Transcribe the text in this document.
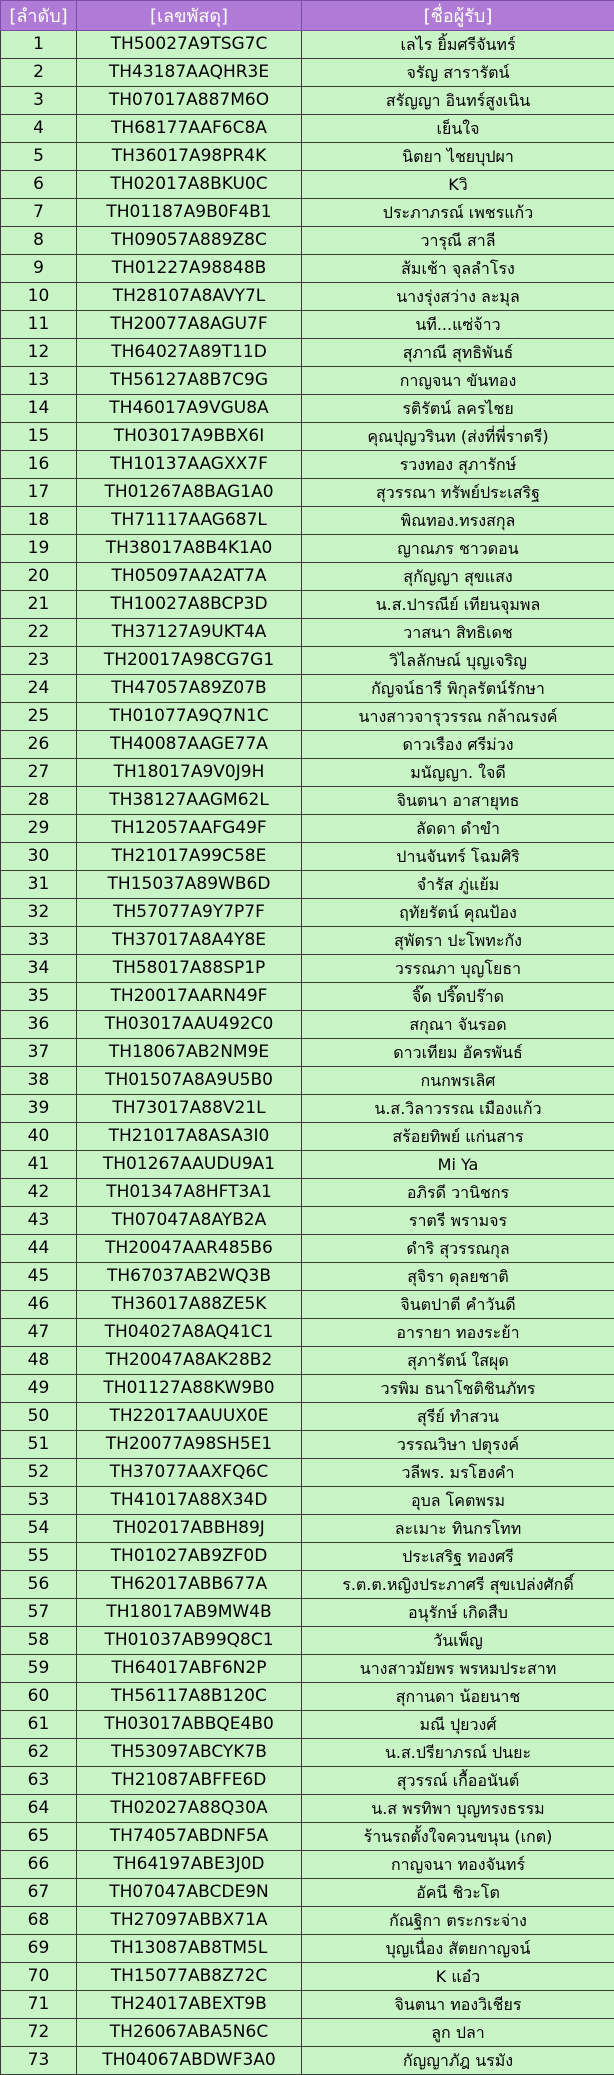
[ลำดับ]	[เลขพัสดุ]	[ชื่อผู้รับ]
1	TH50027A9TSG7C	เลไร ยิ้มศรีจันทร์
2	TH43187AAQHR3E	จรัญ สารารัตน์
3	TH07017A887M6O	สรัญญา อินทร์สูงเนิน
4	TH68177AAF6C8A	เย็นใจ
5	TH36017A98PR4K	นิตยา ไชยบุปผา
6	TH02017A8BKU0C	Kวิ
7	TH01187A9B0F4B1	ประภาภรณ์ เพชรแก้ว
8	TH09057A889Z8C	วารุณี สาลี
9	TH01227A98848B	ส้มเช้า จุลลำโรง
10	TH28107A8AVY7L	นางรุ่งสว่าง ละมุล
11	TH20077A8AGU7F	นที...แซ่จ้าว
12	TH64027A89T11D	สุภาณี สุทธิพันธ์
13	TH56127A8B7C9G	กาญจนา ขันทอง
14	TH46017A9VGU8A	รติรัตน์ ลครไชย
15	TH03017A9BBX6I	คุณปุญวรินท (ส่งที่พี่ราตรี)
16	TH10137AAGXX7F	รวงทอง สุภารักษ์
17	TH01267A8BAG1A0	สุวรรณา ทรัพย์ประเสริฐ
18	TH71117AAG687L	พิณทอง.ทรงสกุล
19	TH38017A8B4K1A0	ญาณภร ชาวดอน
20	TH05097AA2AT7A	สุกัญญา สุขแสง
21	TH10027A8BCP3D	น.ส.ปารณีย์ เทียนจุมพล
22	TH37127A9UKT4A	วาสนา สิทธิเดช
23	TH20017A98CG7G1	วิไลลักษณ์ บุญเจริญ
24	TH47057A89Z07B	กัญจน์ธารี พิกุลรัตน์รักษา
25	TH01077A9Q7N1C	นางสาวจารุวรรณ กล้าณรงค์
26	TH40087AAGE77A	ดาวเรือง ศรีม่วง
27	TH18017A9V0J9H	มนัญญา. ใจดี
28	TH38127AAGM62L	จินตนา อาสายุทธ
29	TH12057AAFG49F	ลัดดา ดำขำ
30	TH21017A99C58E	ปานจันทร์ โฉมศิริ
31	TH15037A89WB6D	จำรัส ภู่แย้ม
32	TH57077A9Y7P7F	ฤทัยรัตน์ คุณป้อง
33	TH37017A8A4Y8E	สุพัตรา ปะโพทะกัง
34	TH58017A88SP1P	วรรณภา บุญโยธา
35	TH20017AARN49F	จิ๊ด ปริ๊ดปร๊าด
36	TH03017AAU492C0	สกุณา จันรอด
37	TH18067AB2NM9E	ดาวเทียม อัครพันธ์
38	TH01507A8A9U5B0	กนกพรเลิศ
39	TH73017A88V21L	น.ส.วิลาวรรณ เมืองแก้ว
40	TH21017A8ASA3I0	สร้อยทิพย์ แก่นสาร
41	TH01267AAUDU9A1	Mi Ya
42	TH01347A8HFT3A1	อภิรดี วานิชกร
43	TH07047A8AYB2A	ราตรี พรามจร
44	TH20047AAR485B6	ดำริ สุวรรณกุล
45	TH67037AB2WQ3B	สุจิรา ดุลยชาติ
46	TH36017A88ZE5K	จินตปาตี คำวันดี
47	TH04027A8AQ41C1	อารายา ทองระย้า
48	TH20047A8AK28B2	สุภารัตน์ ใสผุด
49	TH01127A88KW9B0	วรพิม ธนาโชติชินภัทร
50	TH22017AAUUX0E	สุรีย์ ทำสวน
51	TH20077A98SH5E1	วรรณวิษา ปตุรงค์
52	TH37077AAXFQ6C	วลีพร. มรโฮงคำ
53	TH41017A88X34D	อุบล โคตพรม
54	TH02017ABBH89J	ละเมาะ ทินกรโทท
55	TH01027AB9ZF0D	ประเสริฐ ทองศรี
56	TH62017ABB677A	ร.ต.ต.หญิงประภาศรี สุขเปล่งศักดิ์
57	TH18017AB9MW4B	อนุรักษ์ เกิดสืบ
58	TH01037AB99Q8C1	วันเพ็ญ
59	TH64017ABF6N2P	นางสาวมัยพร พรหมประสาท
60	TH56117A8B120C	สุกานดา น้อยนาช
61	TH03017ABBQE4B0	มณี ปุยวงศ์
62	TH53097ABCYK7B	น.ส.ปรียาภรณ์ ปนยะ
63	TH21087ABFFE6D	สุวรรณ์ เกื้ออนันต์
64	TH02027A88Q30A	น.ส พรทิพา บุญทรงธรรม
65	TH74057ABDNF5A	ร้านรถตั้งใจควนขนุน (เกต)
66	TH64197ABE3J0D	กาญจนา ทองจันทร์
67	TH07047ABCDE9N	อัคนี ชิวะโต
68	TH27097ABBX71A	กัณฐิกา ตระกระจ่าง
69	TH13087AB8TM5L	บุญเนื่อง สัตยกาญจน์
70	TH15077AB8Z72C	K แอ๋ว
71	TH24017ABEXT9B	จินตนา ทองวิเชียร
72	TH26067ABA5N6C	ลูก ปลา
73	TH04067ABDWF3A0	กัญญาภัฎ นรมัง
